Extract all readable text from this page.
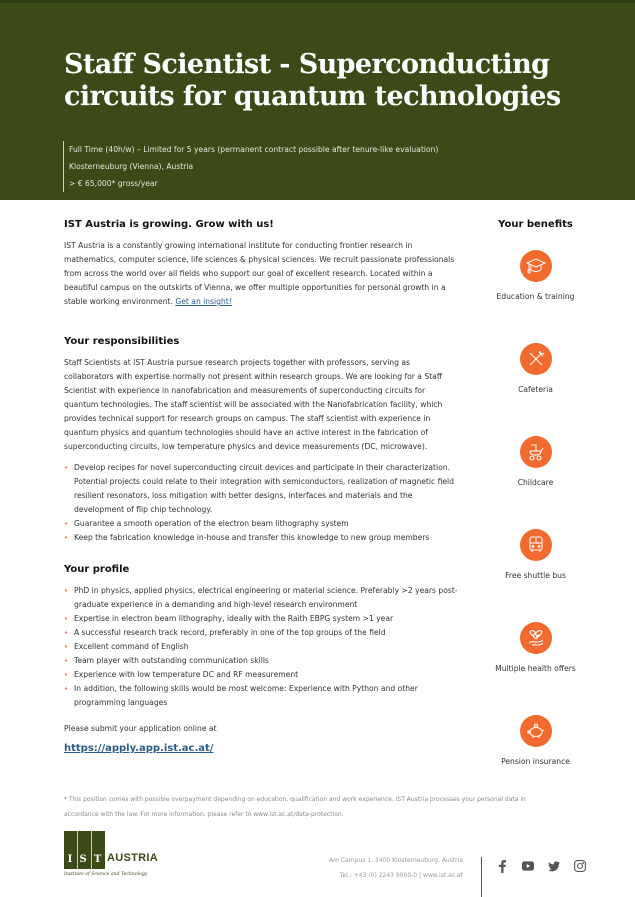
Staff Scientist - Superconducting circuits for quantum technologies
Full Time (40h/w) – Limited for 5 years (permanent contract possible after tenure-like evaluation)
Klosterneuburg (Vienna), Austria
> € 65,000* gross/year
IST Austria is growing. Grow with us!

IST Austria is a constantly growing international institute for conducting frontier research in mathematics, computer science, life sciences & physical sciences. We recruit passionate professionals from across the world over all fields who support our goal of excellent research. Located within a beautiful campus on the outskirts of Vienna, we offer multiple opportunities for personal growth in a stable working environment. Get an insight!

Your responsibilities

Staff Scientists at IST Austria pursue research projects together with professors, serving as collaborators with expertise normally not present within research groups. We are looking for a Staff Scientist with experience in nanofabrication and measurements of superconducting circuits for quantum technologies. The staff scientist will be associated with the Nanofabrication facility, which provides technical support for research groups on campus. The staff scientist with experience in quantum physics and quantum technologies should have an active interest in the fabrication of superconducting circuits, low temperature physics and device measurements (DC, microwave).

• Develop recipes for novel superconducting circuit devices and participate in their characterization. Potential projects could relate to their integration with semiconductors, realization of magnetic field resilient resonators, loss mitigation with better designs, interfaces and materials and the development of flip chip technology.
• Guarantee a smooth operation of the electron beam lithography system
• Keep the fabrication knowledge in-house and transfer this knowledge to new group members
Your profile
• PhD in physics, applied physics, electrical engineering or material science. Preferably >2 years post-graduate experience in a demanding and high-level research environment
• Expertise in electron beam lithography, ideally with the Raith EBPG system >1 year
• A successful research track record, preferably in one of the top groups of the field
• Excellent command of English
• Team player with outstanding communication skills
• Experience with low temperature DC and RF measurement
• In addition, the following skills would be most welcome: Experience with Python and other programming languages
Please submit your application online at
https://apply.app.ist.ac.at/
* This position comes with possible overpayment depending on education, qualification and work experience. IST Austria processes your personal data in accordance with the law. For more information, please refer to www.ist.ac.at/data-protection.
Your benefits
Education & training
Cafeteria
Childcare
Free shuttle bus
Multiple health offers
Pension insurance
I S T AUSTRIA
Institute of Science and Technology
Am Campus 1, 3400 Klosterneuburg, Austria
Tel.: +43 (0) 2243 9000-0 | www.ist.ac.at
